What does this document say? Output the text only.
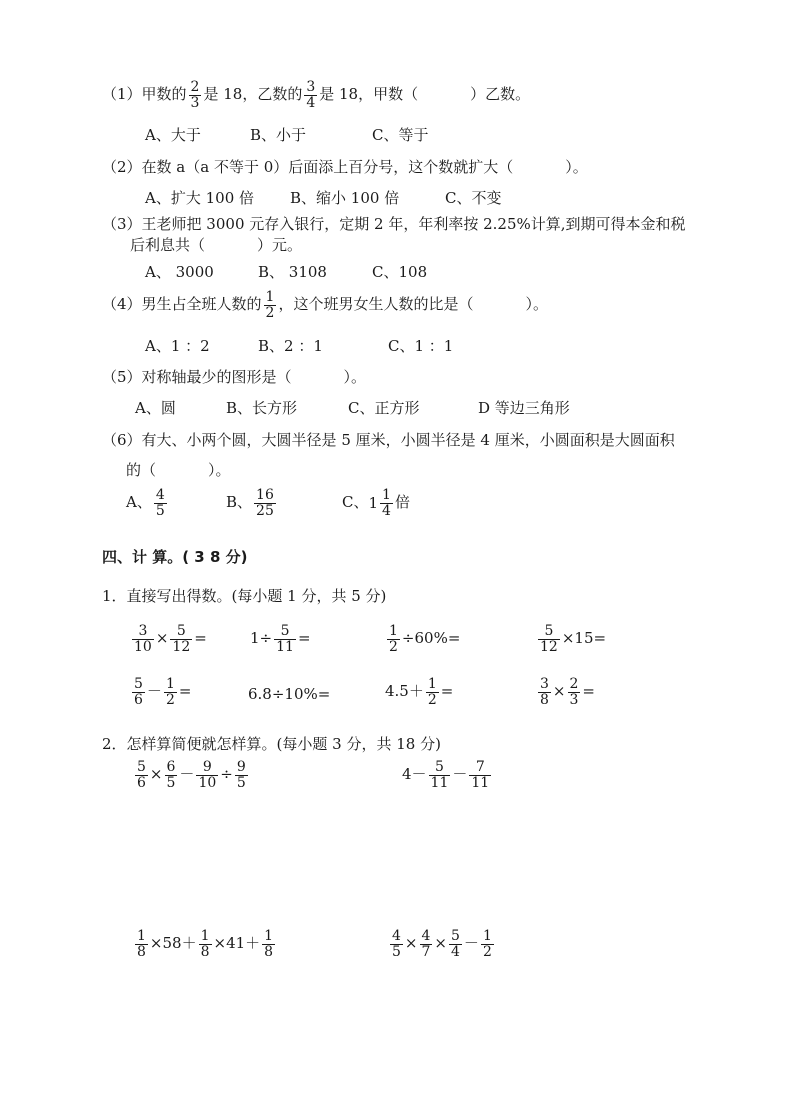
（1）甲数的 $\frac{2}{3}$ 是 18，乙数的 $\frac{3}{4}$ 是 18，甲数（	）乙数。
A、大于	B、小于	C、等于
（2）在数 a（a 不等于 0）后面添上百分号，这个数就扩大（	）。
A、扩大 100 倍 B、缩小 100 倍	C、不变
（3）王老师把 3000 元存入银行，定期 2 年，年利率按 2.25%计算,到期可得本金和税
后利息共（	）元。
A、 3000	B、 3108	C、108
（4）男生占全班人数的 $\frac{1}{2}$ ，这个班男女生人数的比是（	）。
A、1 ：2	B、2 ：1	C、1 ：1
（5）对称轴最少的图形是（	）。
A、圆	B、长方形	C、正方形	D 等边三角形
（6）有大、小两个圆，大圆半径是 5 厘米，小圆半径是 4 厘米，小圆面积是大圆面积
的（	）。
A、 $\frac{4}{5}$	B、 $\frac{16}{25}$	C、 $1 \frac{1}{4}$ 倍
四、计 算。( 3 8 分)
1．直接写出得数。(每小题 1 分，共 5 分)
$\frac{3}{10} \times \frac{5}{12}$ =	$1\div \frac{5}{11}$ =	$\frac{1}{2} \div 60\%=$	$\frac{5}{12} \times 15=$
$\frac{5}{6} - \frac{1}{2}$ =	6.8÷10%=	$4.5+ \frac{1}{2}$ =	$\frac{3}{8} \times \frac{2}{3}$ =
2．怎样算简便就怎样算。(每小题 3 分，共 18 分)
$\frac{5}{6} \times \frac{6}{5} - \frac{9}{10} \div \frac{9}{5}$	$4- \frac{5}{11} - \frac{7}{11}$
$\frac{1}{8} \times 58+ \frac{1}{8} \times 41+ \frac{1}{8}$	$\frac{4}{5} \times \frac{4}{7} \times \frac{5}{4} - \frac{1}{2}$
